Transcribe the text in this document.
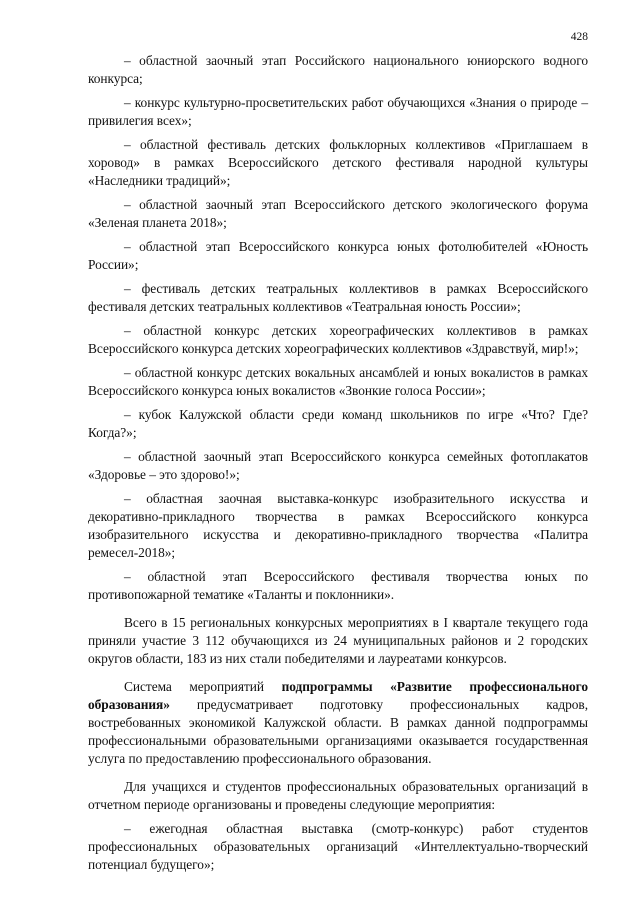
428

– областной заочный этап Российского национального юниорского водного конкурса;

– конкурс культурно-просветительских работ обучающихся «Знания о природе – привилегия всех»;

– областной фестиваль детских фольклорных коллективов «Приглашаем в хоровод» в рамках Всероссийского детского фестиваля народной культуры «Наследники традиций»;

– областной заочный этап Всероссийского детского экологического форума «Зеленая планета 2018»;

– областной этап Всероссийского конкурса юных фотолюбителей «Юность России»;

– фестиваль детских театральных коллективов в рамках Всероссийского фестиваля детских театральных коллективов «Театральная юность России»;

– областной конкурс детских хореографических коллективов в рамках Всероссийского конкурса детских хореографических коллективов «Здравствуй, мир!»;

– областной конкурс детских вокальных ансамблей и юных вокалистов в рамках Всероссийского конкурса юных вокалистов «Звонкие голоса России»;

– кубок Калужской области среди команд школьников по игре «Что? Где? Когда?»;

– областной заочный этап Всероссийского конкурса семейных фотоплакатов «Здоровье – это здорово!»;

– областная заочная выставка-конкурс изобразительного искусства и декоративно-прикладного творчества в рамках Всероссийского конкурса изобразительного искусства и декоративно-прикладного творчества «Палитра ремесел-2018»;

– областной этап Всероссийского фестиваля творчества юных по противопожарной тематике «Таланты и поклонники».

Всего в 15 региональных конкурсных мероприятиях в I квартале текущего года приняли участие 3 112 обучающихся из 24 муниципальных районов и 2 городских округов области, 183 из них стали победителями и лауреатами конкурсов.

Система мероприятий подпрограммы «Развитие профессионального образования» предусматривает подготовку профессиональных кадров, востребованных экономикой Калужской области. В рамках данной подпрограммы профессиональными образовательными организациями оказывается государственная услуга по предоставлению профессионального образования.

Для учащихся и студентов профессиональных образовательных организаций в отчетном периоде организованы и проведены следующие мероприятия:

– ежегодная областная выставка (смотр-конкурс) работ студентов профессиональных образовательных организаций «Интеллектуально-творческий потенциал будущего»;
